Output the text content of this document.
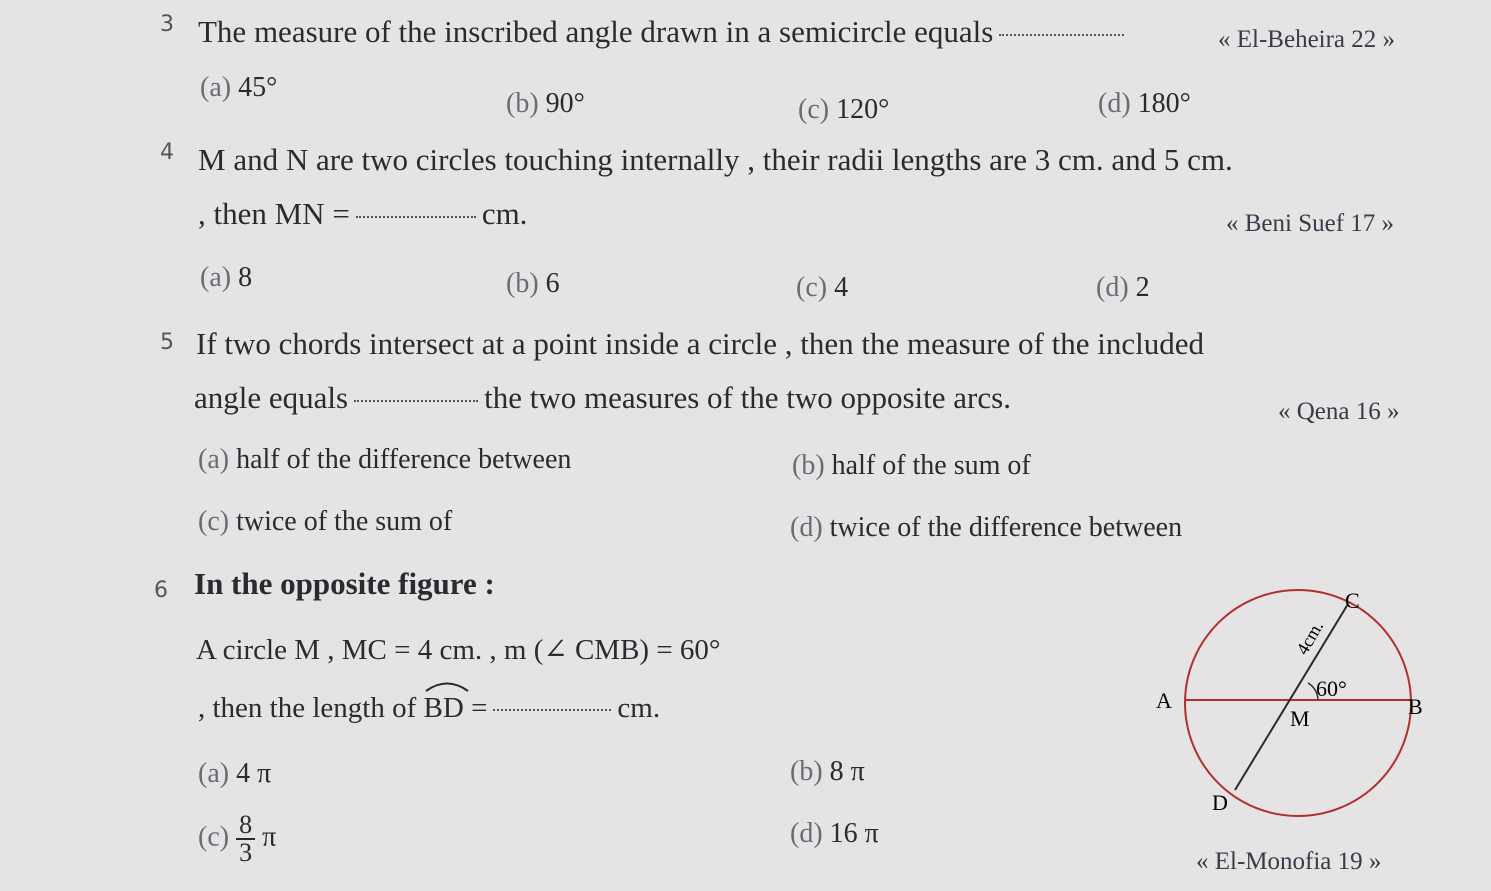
3 The measure of the inscribed angle drawn in a semicircle equals	« El-Beheira 22 »
(a) 45°
(b) 90°	(c) 120°	(d) 180°
4 M and N are two circles touching internally , their radii lengths are 3 cm. and 5 cm.
, then MN =	cm.	« Beni Suef 17 »
(a) 8	(b) 6	(c) 4	(d) 2
5 If two chords intersect at a point inside a circle , then the measure of the included
angle equals	the two measures of the two opposite arcs.	« Qena 16 »
(a) half of the difference between	(b) half of the sum of
(c) twice of the sum of	(d) twice of the difference between
6 In the opposite figure :
A circle M , MC = 4 cm. , m (∠ CMB) = 60°
, then the length of BD =	cm.
(a) 4 π	(b) 8 π
$(c) \frac{8}{3}$ π	(d) 16 π
« El-Monofia 19 »
C
A	B
M
D
60°
4cm.
